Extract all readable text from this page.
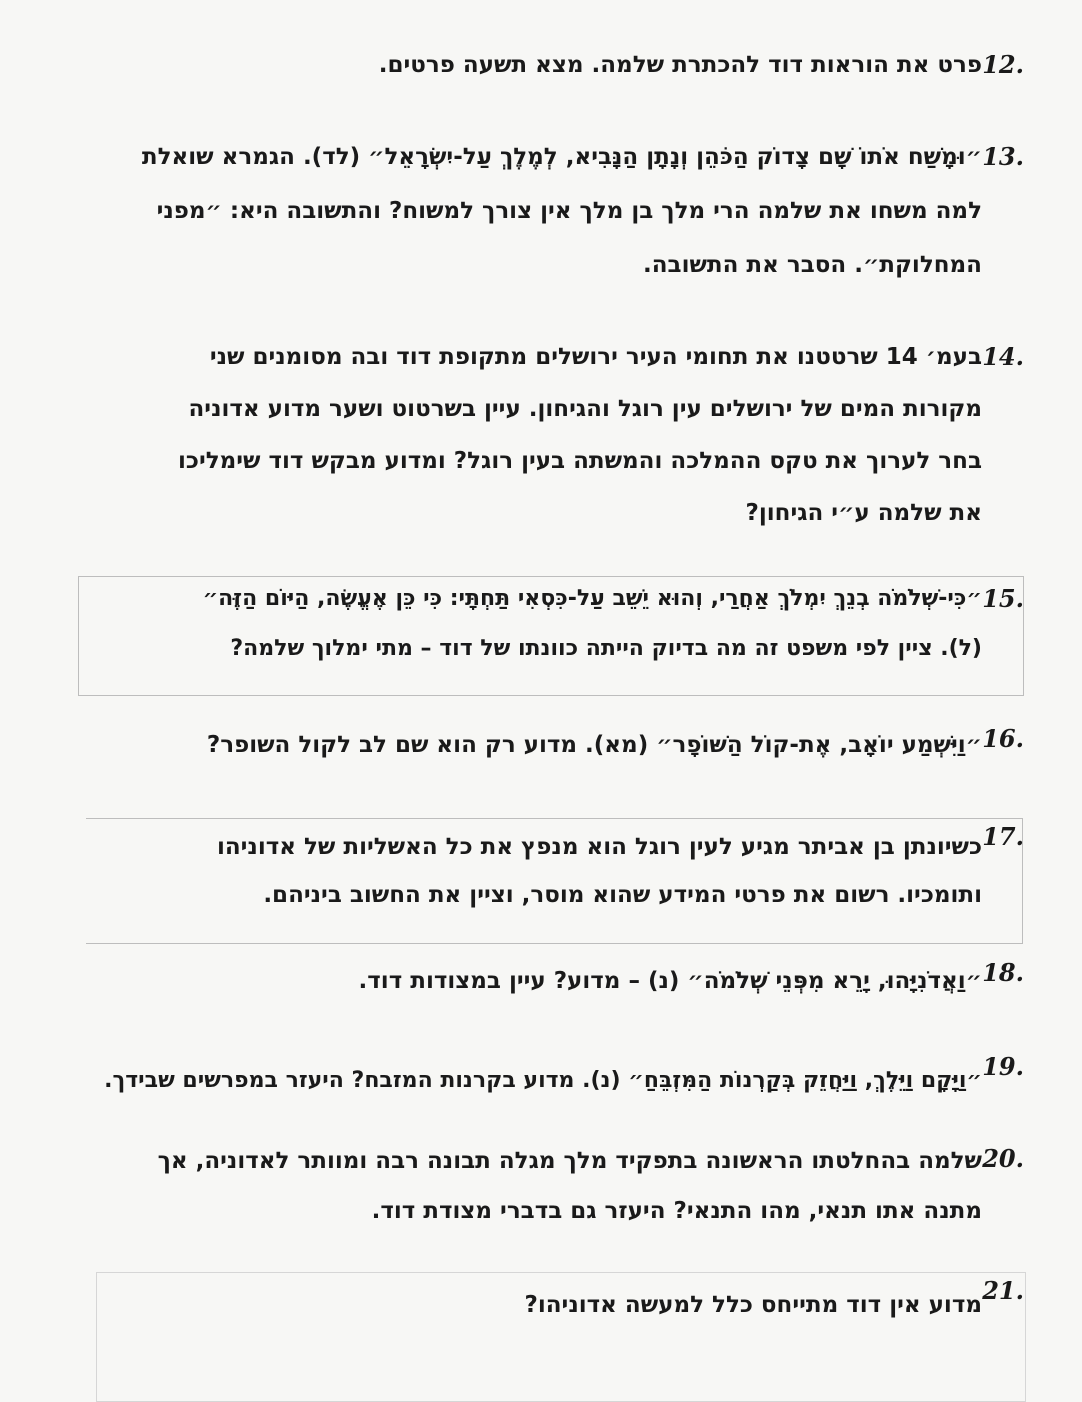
12.
פרט את הוראות דוד להכתרת שלמה. מצא תשעה פרטים.
13.
״וּמָשַׁח אֹתוֹ שָׁם צָדוֹק הַכֹּהֵן וְנָתָן הַנָּבִיא, לְמֶלֶךְ עַל-יִשְׂרָאֵל״ (לד). הגמרא שואלת
למה משחו את שלמה הרי מלך בן מלך אין צורך למשוח? והתשובה היא: ״מפני
המחלוקת״. הסבר את התשובה.
14.
בעמ׳ 14 שרטטנו את תחומי העיר ירושלים מתקופת דוד ובה מסומנים שני
מקורות המים של ירושלים עין רוגל והגיחון. עיין בשרטוט ושער מדוע אדוניה
בחר לערוך את טקס ההמלכה והמשתה בעין רוגל? ומדוע מבקש דוד שימליכו
את שלמה ע״י הגיחון?
15.
״כִּי-שְׁלֹמֹה בְנֵךְ יִמְלֹךְ אַחֲרַי, וְהוּא יֵשֵׁב עַל-כִּסְאִי תַּחְתָּי: כִּי כֵּן אֶעֱשֶׂה, הַיּוֹם הַזֶּה״
(ל). ציין לפי משפט זה מה בדיוק הייתה כוונתו של דוד – מתי ימלוך שלמה?
16.
״וַיִּשְׁמַע יוֹאָב, אֶת-קוֹל הַשּׁוֹפָר״ (מא). מדוע רק הוא שם לב לקול השופר?
17.
כשיונתן בן אביתר מגיע לעין רוגל הוא מנפץ את כל האשליות של אדוניהו
ותומכיו. רשום את פרטי המידע שהוא מוסר, וציין את החשוב ביניהם.
18.
״וַאֲדֹנִיָּהוּ, יָרֵא מִפְּנֵי שְׁלֹמֹה״ (נ) – מדוע? עיין במצודות דוד.
19.
״וַיָּקָם וַיֵּלֶךְ, וַיַּחֲזֵק בְּקַרְנוֹת הַמִּזְבֵּחַ״ (נ). מדוע בקרנות המזבח? היעזר במפרשים שבידך.
20.
שלמה בהחלטתו הראשונה בתפקיד מלך מגלה תבונה רבה ומוותר לאדוניה, אך
מתנה אתו תנאי, מהו התנאי? היעזר גם בדברי מצודת דוד.
21.
מדוע אין דוד מתייחס כלל למעשה אדוניהו?
